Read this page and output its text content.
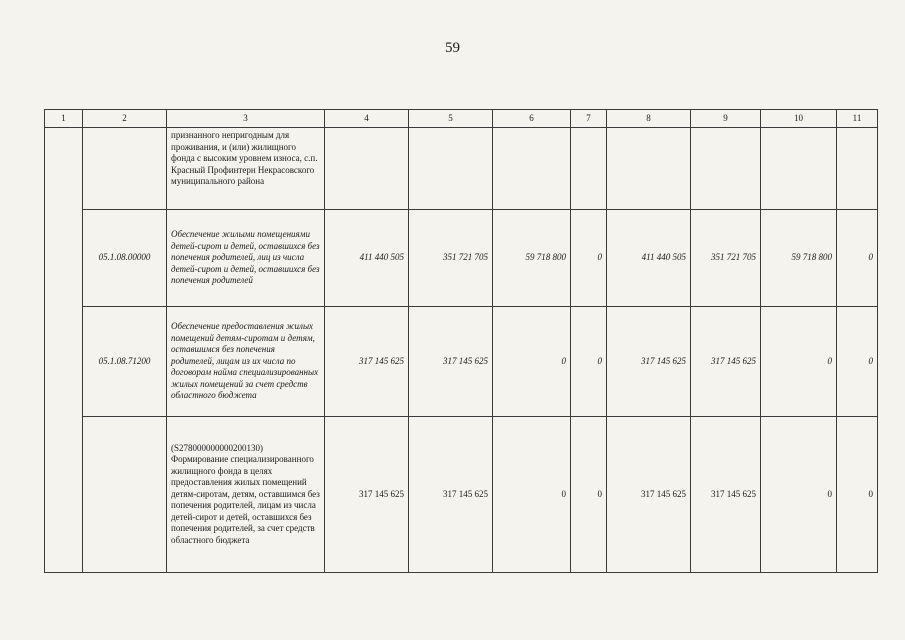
59
1	2	3	4	5	6	7	8	9	10	11
		признанного непригодным для проживания, и (или) жилищного фонда с высоким уровнем износа, с.п. Красный Профинтерн Некрасовского муниципального района								
	05.1.08.00000	Обеспечение жилыми помещениями детей-сирот и детей, оставшихся без попечения родителей, лиц из числа детей-сирот и детей, оставшихся без попечения родителей	411 440 505	351 721 705	59 718 800	0	411 440 505	351 721 705	59 718 800	0
	05.1.08.71200	Обеспечение предоставления жилых помещений детям-сиротам и детям, оставшимся без попечения родителей, лицам из их числа по договорам найма специализированных жилых помещений за счет средств областного бюджета	317 145 625	317 145 625	0	0	317 145 625	317 145 625	0	0
		(S278000000000200130) Формирование специализированного жилищного фонда в целях предоставления жилых помещений детям-сиротам, детям, оставшимся без попечения родителей, лицам из числа детей-сирот и детей, оставшихся без попечения родителей, за счет средств областного бюджета	317 145 625	317 145 625	0	0	317 145 625	317 145 625	0	0
